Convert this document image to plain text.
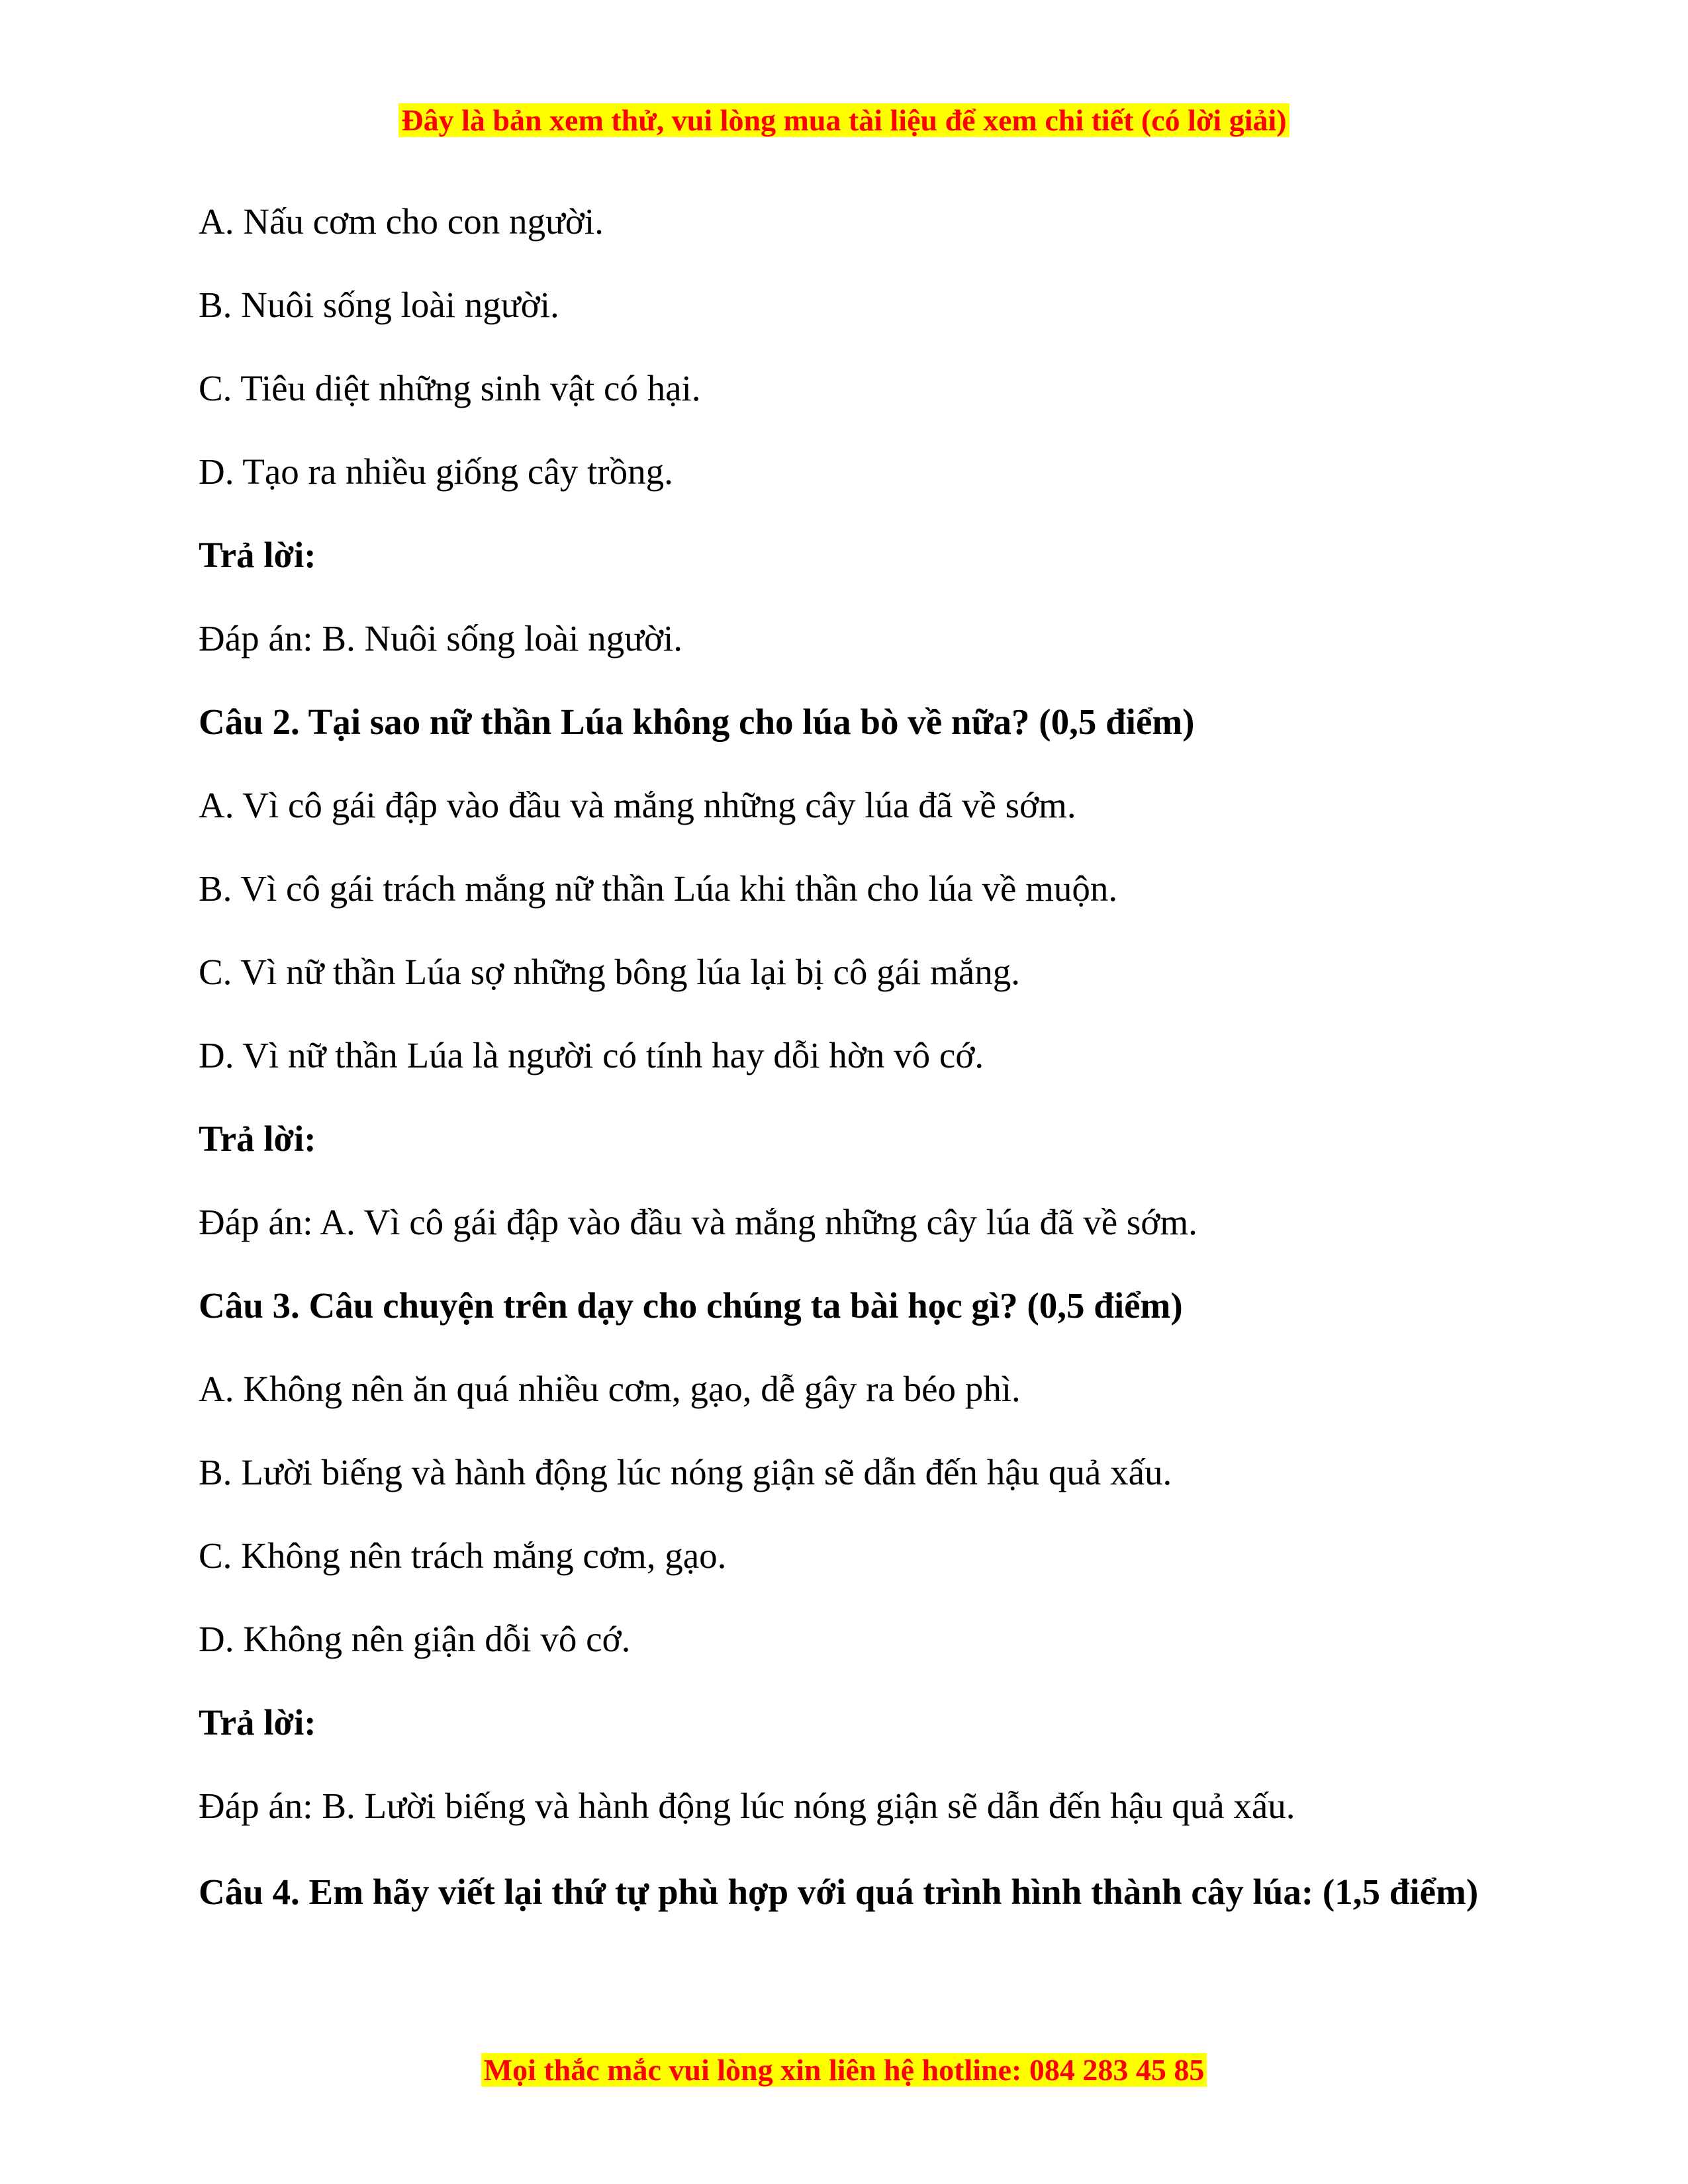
Đây là bản xem thử, vui lòng mua tài liệu để xem chi tiết (có lời giải)

A. Nấu cơm cho con người.

B. Nuôi sống loài người.

C. Tiêu diệt những sinh vật có hại.

D. Tạo ra nhiều giống cây trồng.

Trả lời:

Đáp án: B. Nuôi sống loài người.

Câu 2. Tại sao nữ thần Lúa không cho lúa bò về nữa? (0,5 điểm)

A. Vì cô gái đập vào đầu và mắng những cây lúa đã về sớm.

B. Vì cô gái trách mắng nữ thần Lúa khi thần cho lúa về muộn.

C. Vì nữ thần Lúa sợ những bông lúa lại bị cô gái mắng.

D. Vì nữ thần Lúa là người có tính hay dỗi hờn vô cớ.

Trả lời:

Đáp án: A. Vì cô gái đập vào đầu và mắng những cây lúa đã về sớm.

Câu 3. Câu chuyện trên dạy cho chúng ta bài học gì? (0,5 điểm)

A. Không nên ăn quá nhiều cơm, gạo, dễ gây ra béo phì.

B. Lười biếng và hành động lúc nóng giận sẽ dẫn đến hậu quả xấu.

C. Không nên trách mắng cơm, gạo.

D. Không nên giận dỗi vô cớ.

Trả lời:

Đáp án: B. Lười biếng và hành động lúc nóng giận sẽ dẫn đến hậu quả xấu.

Câu 4. Em hãy viết lại thứ tự phù hợp với quá trình hình thành cây lúa: (1,5 điểm)

Mọi thắc mắc vui lòng xin liên hệ hotline: 084 283 45 85
